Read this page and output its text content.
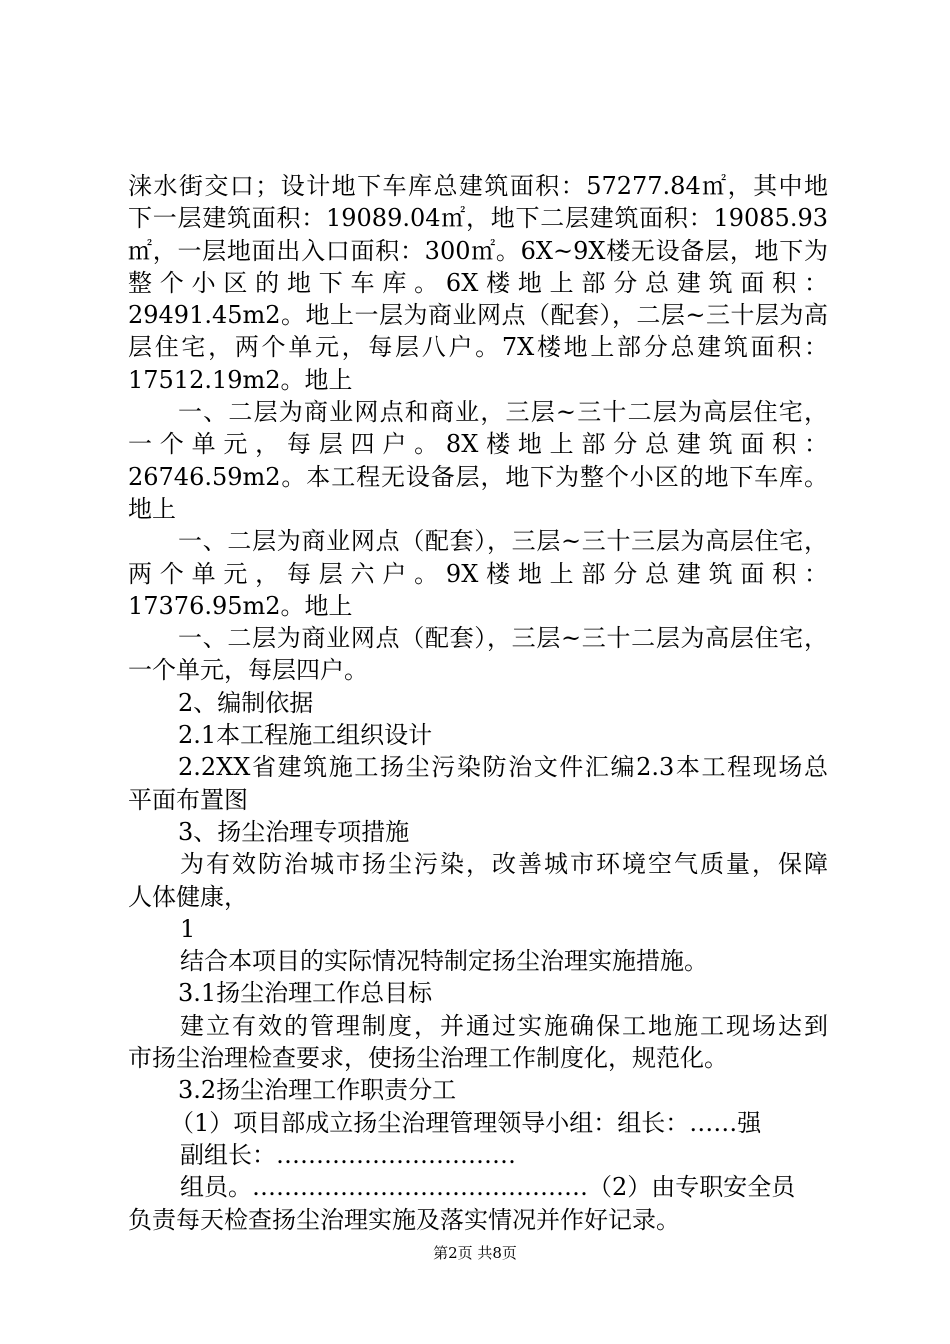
涞水街交口；设计地下车库总建筑面积：57277.84㎡，其中地
下一层建筑面积：19089.04㎡，地下二层建筑面积：19085.93
㎡，一层地面出入口面积：300㎡。6X~9X楼无设备层，地下为
整个小区的地下车库。6X楼地上部分总建筑面积：
29491.45m2。地上一层为商业网点（配套），二层~三十层为高
层住宅，两个单元，每层八户。7X楼地上部分总建筑面积：
17512.19m2。地上
一、二层为商业网点和商业，三层~三十二层为高层住宅，
一个单元，每层四户。8X楼地上部分总建筑面积：
26746.59m2。本工程无设备层，地下为整个小区的地下车库。
地上
一、二层为商业网点（配套），三层~三十三层为高层住宅，
两个单元，每层六户。9X楼地上部分总建筑面积：
17376.95m2。地上
一、二层为商业网点（配套），三层~三十二层为高层住宅，
一个单元，每层四户。
2、编制依据
2.1本工程施工组织设计
2.2XX省建筑施工扬尘污染防治文件汇编2.3本工程现场总
平面布置图
3、扬尘治理专项措施
为有效防治城市扬尘污染，改善城市环境空气质量，保障
人体健康，
1
结合本项目的实际情况特制定扬尘治理实施措施。
3.1扬尘治理工作总目标
建立有效的管理制度，并通过实施确保工地施工现场达到
市扬尘治理检查要求，使扬尘治理工作制度化，规范化。
3.2扬尘治理工作职责分工
（1）项目部成立扬尘治理管理领导小组：组长：……强
副组长：…………………………
组员。……………………………………（2）由专职安全员
负责每天检查扬尘治理实施及落实情况并作好记录。
第2页 共8页
